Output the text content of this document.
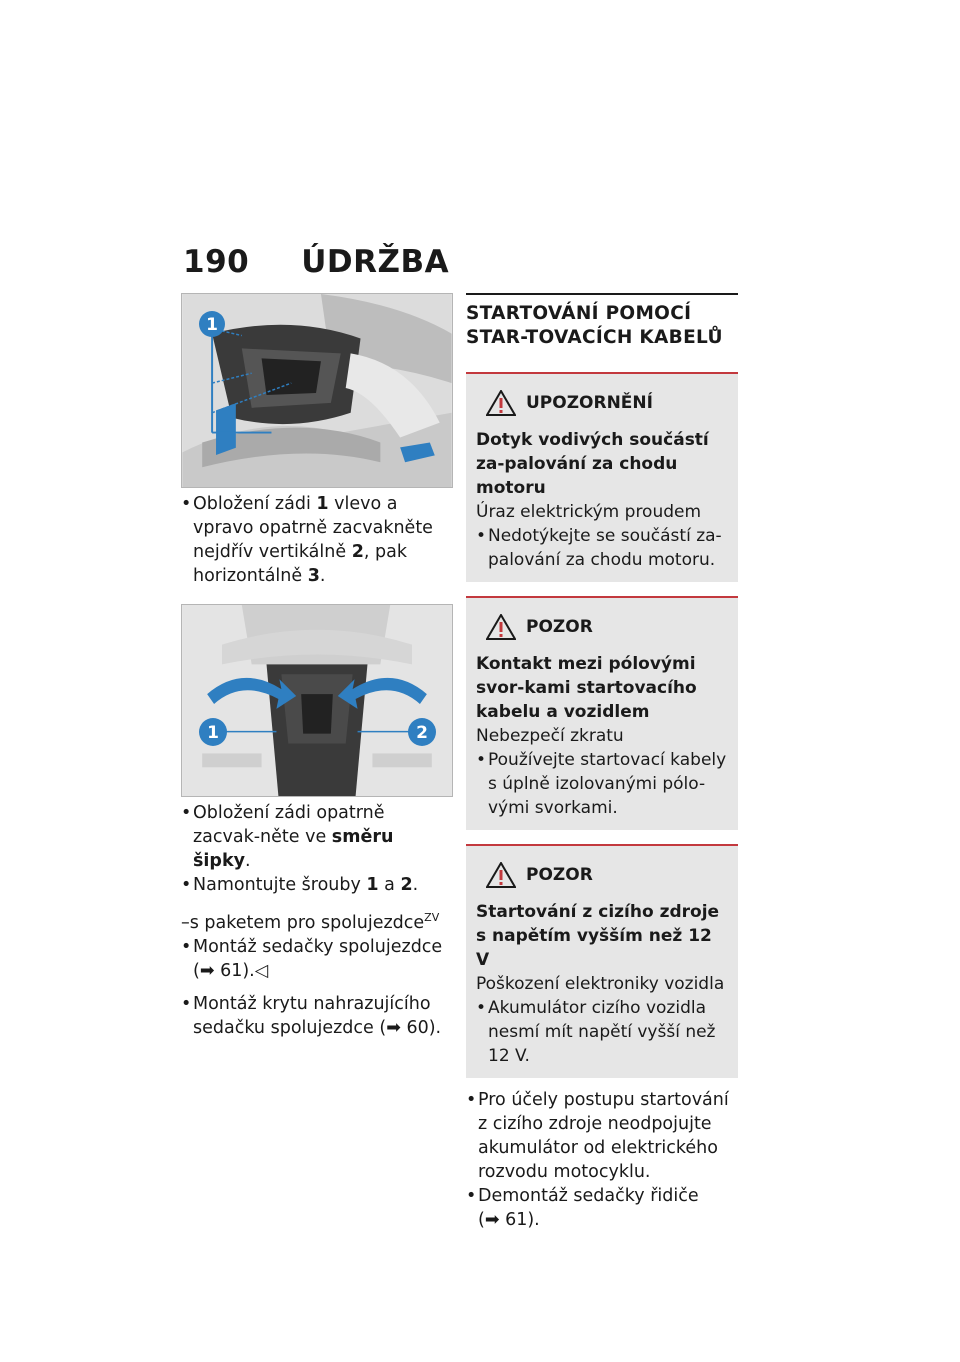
190 ÚDRŽBA
1
• Obložení zádi 1 vlevo a vpravo opatrně zacvakněte nejdřív vertikálně 2, pak horizontálně 3.
1	2
• Obložení zádi opatrně zacvak-něte ve směru šipky.
• Namontujte šrouby 1 a 2.
–s paketem pro spolujezdce$^{ZV}$
• Montáž sedačky spolujezdce
(➡ 61).◁
• Montáž krytu nahrazujícího sedačku spolujezdce (➡ 60).
STARTOVÁNÍ POMOCÍ STAR-TOVACÍCH KABELŮ
UPOZORNĚNÍ
Dotyk vodivých součástí za-palování za chodu motoru
Úraz elektrickým proudem
• Nedotýkejte se součástí za-palování za chodu motoru.
POZOR
Kontakt mezi pólovými svor-kami startovacího kabelu a vozidlem
Nebezpečí zkratu
• Používejte startovací kabely s úplně izolovanými pólo-vými svorkami.
POZOR
Startování z cizího zdroje s napětím vyšším než 12 V
Poškození elektroniky vozidla
• Akumulátor cizího vozidla nesmí mít napětí vyšší než 12 V.
• Pro účely postupu startování z cizího zdroje neodpojujte akumulátor od elektrického rozvodu motocyklu.
• Demontáž sedačky řidiče
(➡ 61).
